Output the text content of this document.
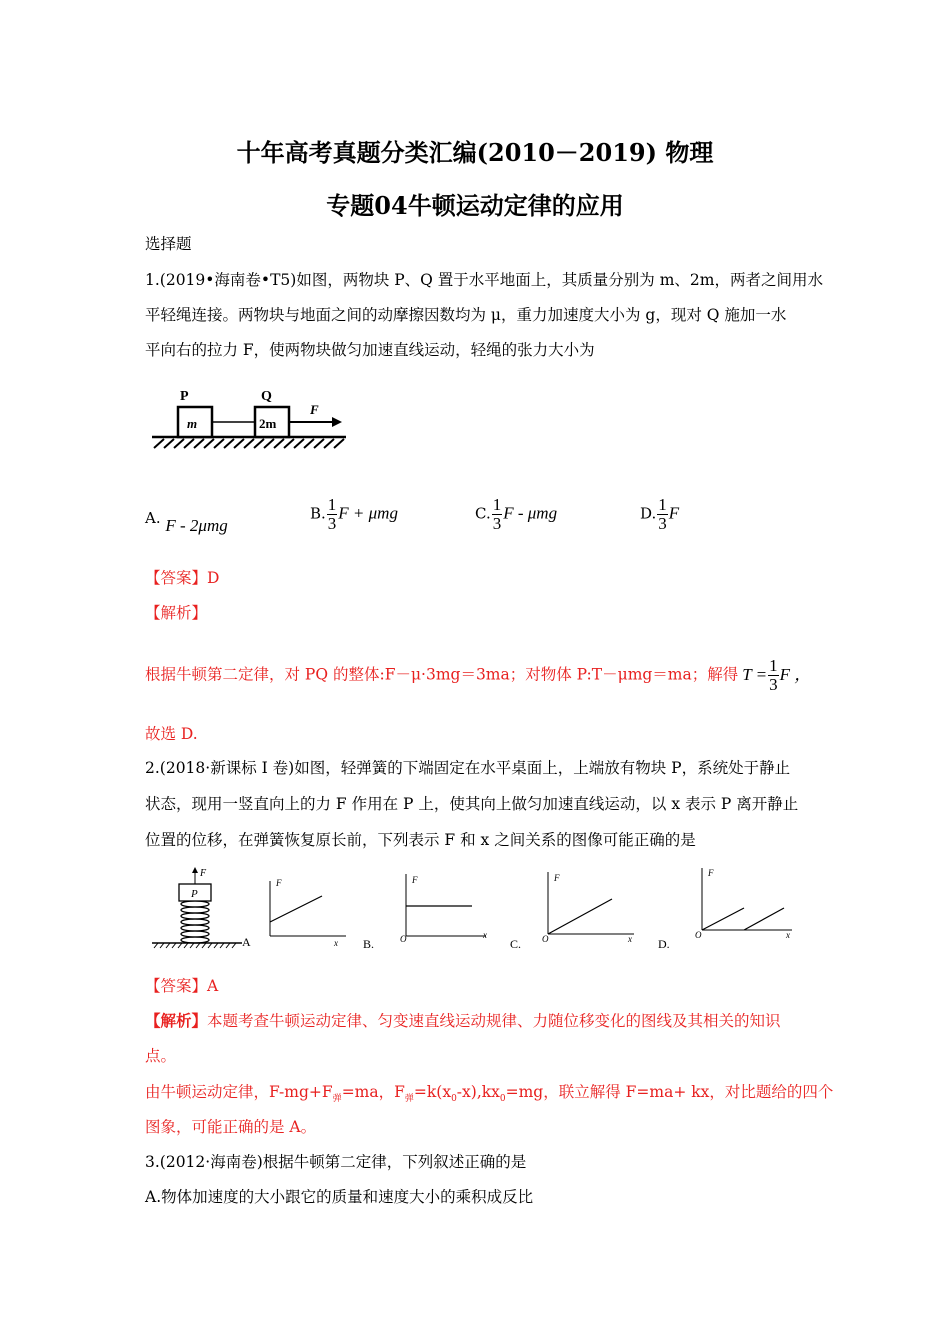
十年高考真题分类汇编(2010－2019) 物理
专题04牛顿运动定律的应用
选择题
1.(2019•海南卷•T5)如图，两物块 P、Q 置于水平地面上，其质量分别为 m、2m，两者之间用水
平轻绳连接。两物块与地面之间的动摩擦因数均为 μ，重力加速度大小为 g，现对 Q 施加一水
平向右的拉力 F，使两物块做匀加速直线运动，轻绳的张力大小为
P	Q
m	2m
F
A. F - 2μmg
B. $\frac{1}{3}$ F + μmg	C. $\frac{1}{3}$ F - μmg	D. $\frac{1}{3}$ F
【答案】D
【解析】
根据牛顿第二定律，对 PQ 的整体:F－μ·3mg＝3ma；对物体 P:T－μmg＝ma；解得 $T = \frac{1}{3}$ F ，
故选 D.
2.(2018·新课标 I 卷)如图，轻弹簧的下端固定在水平桌面上，上端放有物块 P，系统处于静止
状态，现用一竖直向上的力 F 作用在 P 上，使其向上做匀加速直线运动，以 x 表示 P 离开静止
位置的位移，在弹簧恢复原长前，下列表示 F 和 x 之间关系的图像可能正确的是
P
F
A
F
x
F
O	x
B.
F
O	x
C.
F
O	x
D.
【答案】A
【解析】本题考查牛顿运动定律、匀变速直线运动规律、力随位移变化的图线及其相关的知识
点。
由牛顿运动定律，$F-mg+F_弹=ma$，$F_弹=k(x_0-x),kx_0=mg$，联立解得 F=ma+ kx，对比题给的四个
图象，可能正确的是 A。
3.(2012·海南卷)根据牛顿第二定律，下列叙述正确的是
A.物体加速度的大小跟它的质量和速度大小的乘积成反比
